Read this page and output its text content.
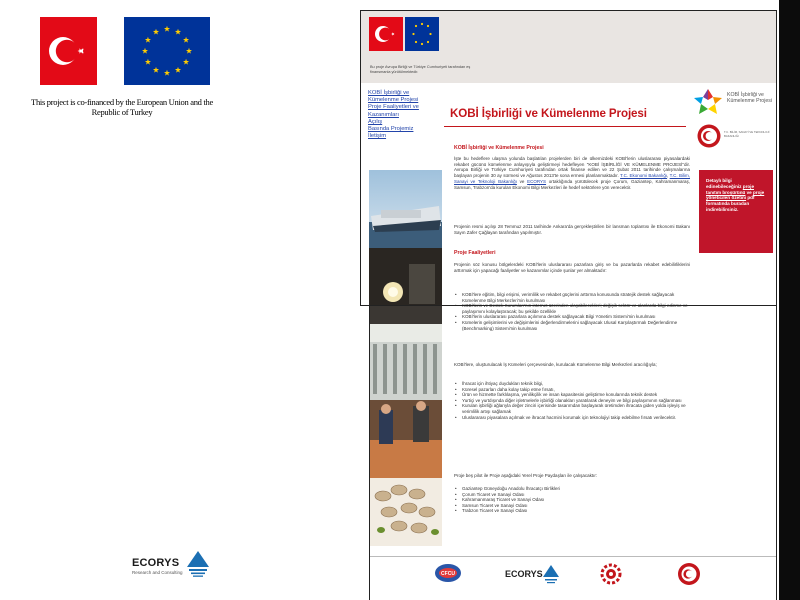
This project is co-financed by the European Union and the Republic of Turkey
ECORYS
Research and Consulting
Bu proje Avrupa Birliği ve Türkiye Cumhuriyeti tarafından eş finansmanla yürütülmektedir.
KOBİ İşbirliği ve
Kümelenme Projesi
Proje Faaliyetleri ve
Kazanımları
Açılış
Basında Projemiz
İletişim
KOBİ İşbirliği ve Kümelenme Projesi
T.C. BİLİM, SANAYİ VE TEKNOLOJİ BAKANLIĞI
Detaylı bilgi edinebileceğiniz proje tanıtım broşürünü ve proje yöneticileri özetini pdf formatında buradan indirebilirsiniz.
KOBİ İşbirliği ve Kümelenme Projesi
KOBİ İşbirliği ve Kümelenme Projesi
İşte bu hedeflere ulaşma yolunda başlatılan projelerden biri de ülkemizdeki KOBİ'lerin uluslararası piyasalardaki rekabet gücünü kümelenme anlayışıyla geliştirmeyi hedefleyen "KOBİ İŞBİRLİĞİ VE KÜMELENME PROJESİ"dir. Avrupa Birliği ve Türkiye Cumhuriyeti tarafından ortak finanse edilen ve 22 Şubat 2011 tarihinde çalışmalarına başlayan projenin 30 ay sürmesi ve Ağustos 2013'te sona ermesi planlanmaktadır. T.C. Ekonomi Bakanlığı, T.C. Bilim, Sanayi ve Teknoloji Bakanlığı ve ECORYS ortaklığında yürütülecek proje Çorum, Gaziantep, Kahramanmaraş, Samsun, Trabzon'da kurulan Ekonomi Bilgi Merkezleri ile hedef sektörlere yön verecektir.
Projenin resmi açılışı 28 Temmuz 2011 tarihinde Ankara'da gerçekleştirilen bir lansman toplantısı ile Ekonomi Bakanı Sayın Zafer Çağlayan tarafından yapılmıştır.
Proje Faaliyetleri
Projenin söz konusu bölgelerdeki KOBİ'lerin uluslararası pazarlara giriş ve bu pazarlarda rekabet edebilirliklerini arttırmak için yapacağı faaliyetler ve kazanımlar içinde şunlar yer almaktadır:
• KOBİ'lere eğitim, bilgi erişimi, verimlilik ve rekabet güçlerini arttırma konusunda stratejik destek sağlayacak Kümelenme Bilgi Merkezleri'nin kurulması
• KOBİ'lerin ve Destek Kurumları'nın internet üzerinden ulaşabilecekleri; değişik sektör ve alanlarda bilgi edinme ve paylaşımını kolaylaştıracak; bu şekilde özellikle
• KOBİ'lerin uluslararası pazarlara açılımına destek sağlayacak Bilgi Yönetim Sistemi'nin kurulması
• Kümelerin gelişimlerini ve değişimlerini değerlendirmelerini sağlayacak Ulusal Karşılaştırmalı Değerlendirme (Benchmarking) Sistemi'nin kurulması
KOBİ'lere, oluşturulacak İş Kümeleri çerçevesinde, kurulacak Kümelenme Bilgi Merkezleri aracılığıyla;
• İhracat için ihtiyaç duydukları teknik bilgi,
• Küresel pazarları daha kolay takip etme fırsatı,
• Ürün ve hizmette farklılaşma, yenilikçilik ve insan kapasitesini geliştirme konularında teknik destek
• Yurtiçi ve yurtdışında diğer işletmelerle işbirliği olanakları yaratılarak deneyim ve bilgi paylaşımının sağlanması
• Kurulan işbirliği ağlarıyla değer zinciri içerisinde tasarımdan başlayarak üretimden ihracata giden yolda işleyiş ve verimlilik artışı sağlamak
• Uluslararası piyasalara açılmak ve ihracat hacmini korumak için teknolojiyi takip edebilme fırsatı verilecektir.
Proje beş pilot ile Proje aşağıdaki Yerel Proje Paydaşları ile çalışacaktır:
• Gaziantep Güneydoğu Anadolu İhracatçı Birlikleri
• Çorum Ticaret ve Sanayi Odası
• Kahramanmaraş Ticaret ve Sanayi Odası
• Samsun Ticaret ve Sanayi Odası
• Trabzon Ticaret ve Sanayi Odası
CFCU	ECORYS
